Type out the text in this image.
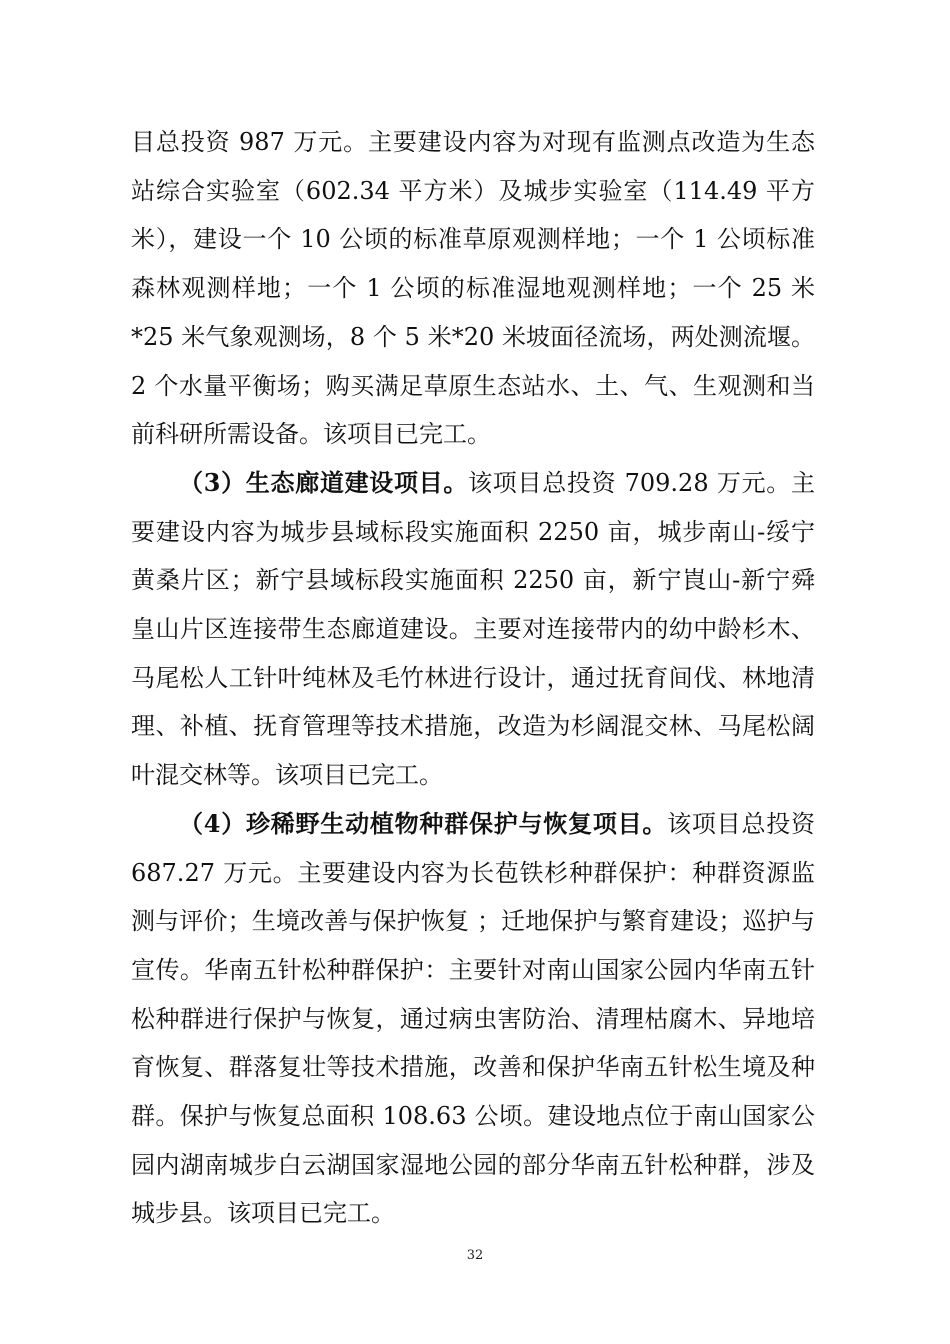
目总投资 987 万元。主要建设内容为对现有监测点改造为生态站综合实验室（602.34 平方米）及城步实验室（114.49 平方米），建设一个 10 公顷的标准草原观测样地；一个 1 公顷标准森林观测样地；一个 1 公顷的标准湿地观测样地；一个 25 米*25 米气象观测场，8 个 5 米*20 米坡面径流场，两处测流堰。2 个水量平衡场；购买满足草原生态站水、土、气、生观测和当前科研所需设备。该项目已完工。

（3）生态廊道建设项目。该项目总投资 709.28 万元。主要建设内容为城步县域标段实施面积 2250 亩，城步南山-绥宁黄桑片区；新宁县域标段实施面积 2250 亩，新宁崀山-新宁舜皇山片区连接带生态廊道建设。主要对连接带内的幼中龄杉木、马尾松人工针叶纯林及毛竹林进行设计，通过抚育间伐、林地清理、补植、抚育管理等技术措施，改造为杉阔混交林、马尾松阔叶混交林等。该项目已完工。

（4）珍稀野生动植物种群保护与恢复项目。该项目总投资 687.27 万元。主要建设内容为长苞铁杉种群保护：种群资源监测与评价；生境改善与保护恢复 ；迁地保护与繁育建设；巡护与宣传。华南五针松种群保护：主要针对南山国家公园内华南五针松种群进行保护与恢复，通过病虫害防治、清理枯腐木、异地培育恢复、群落复壮等技术措施，改善和保护华南五针松生境及种群。保护与恢复总面积 108.63 公顷。建设地点位于南山国家公园内湖南城步白云湖国家湿地公园的部分华南五针松种群，涉及城步县。该项目已完工。

32
